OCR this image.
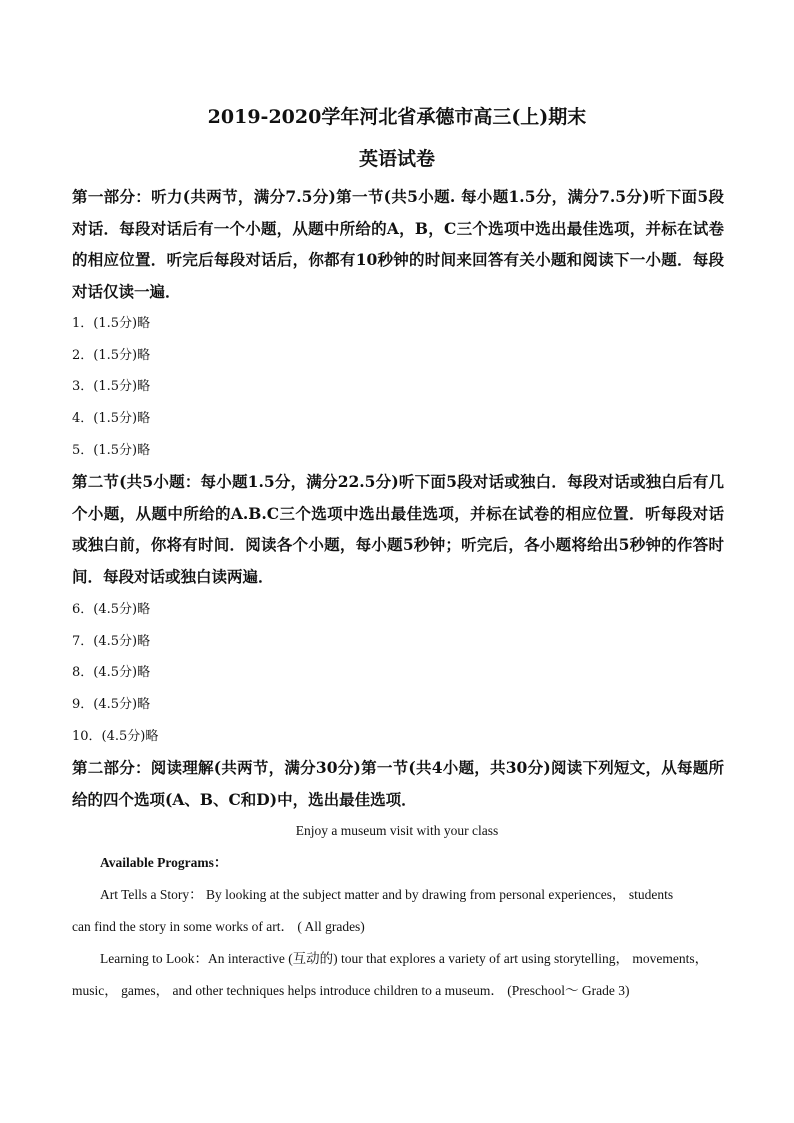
2019-2020学年河北省承德市高三(上)期末
英语试卷
第一部分：听力(共两节，满分7.5分)第一节(共5小题. 每小题1.5分，满分7.5分)听下面5段对话．每段对话后有一个小题，从题中所给的A，B，C三个选项中选出最佳选项，并标在试卷的相应位置．听完后每段对话后，你都有10秒钟的时间来回答有关小题和阅读下一小题．每段对话仅读一遍．
1．(1.5分)略
2．(1.5分)略
3．(1.5分)略
4．(1.5分)略
5．(1.5分)略
第二节(共5小题：每小题1.5分，满分22.5分)听下面5段对话或独白．每段对话或独白后有几个小题，从题中所给的A.B.C三个选项中选出最佳选项，并标在试卷的相应位置．听每段对话或独白前，你将有时间．阅读各个小题，每小题5秒钟；听完后，各小题将给出5秒钟的作答时间．每段对话或独白读两遍．
6．(4.5分)略
7．(4.5分)略
8．(4.5分)略
9．(4.5分)略
10．(4.5分)略
第二部分：阅读理解(共两节，满分30分)第一节(共4小题，共30分)阅读下列短文，从每题所给的四个选项(A、B、C和D)中，选出最佳选项．
Enjoy a museum visit with your class
Available Programs：
Art Tells a Story： By looking at the subject matter and by drawing from personal experiences， students
can find the story in some works of art． ( All grades)
Learning to Look：An interactive (互动的) tour that explores a variety of art using storytelling， movements，
music， games， and other techniques helps introduce children to a museum． (Preschool～ Grade 3)
